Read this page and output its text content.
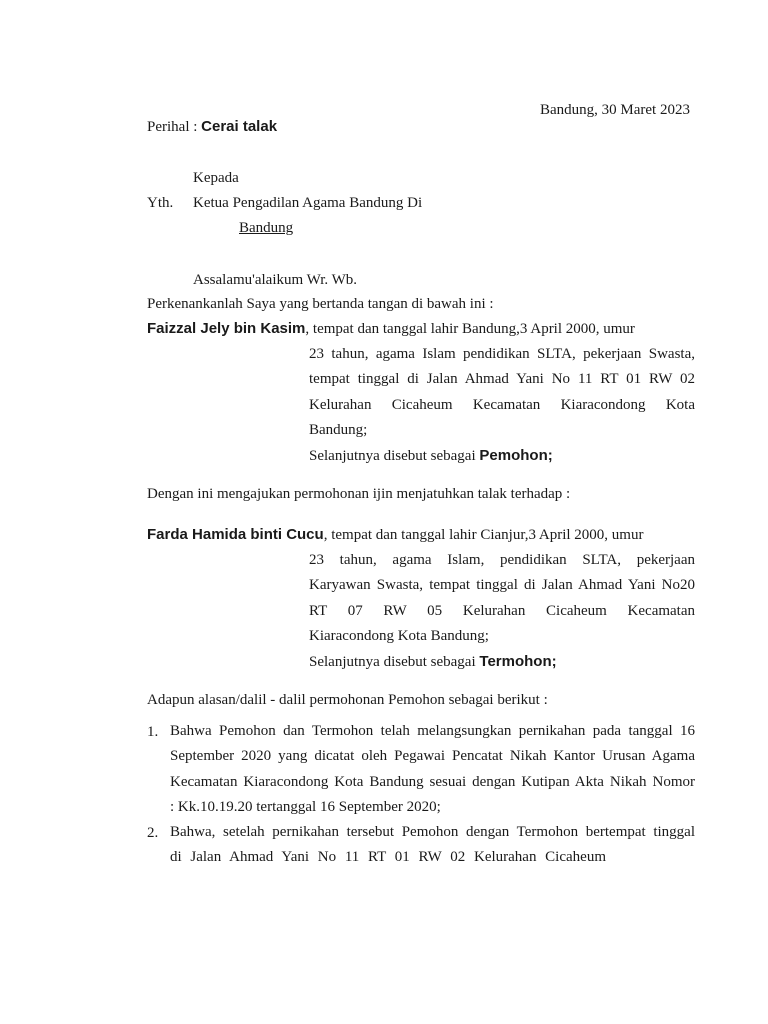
Bandung, 30 Maret 2023
Perihal : Cerai talak
Kepada
Yth. Ketua Pengadilan Agama Bandung Di
Bandung
Assalamu'alaikum Wr. Wb.
Perkenankanlah Saya yang bertanda tangan di bawah ini :
Faizzal Jely bin Kasim, tempat dan tanggal lahir Bandung,3 April 2000, umur
23 tahun, agama Islam pendidikan SLTA, pekerjaan Swasta,
tempat tinggal di Jalan Ahmad Yani No 11 RT 01 RW 02
Kelurahan Cicaheum Kecamatan Kiaracondong Kota
Bandung;
Selanjutnya disebut sebagai Pemohon;
Dengan ini mengajukan permohonan ijin menjatuhkan talak terhadap :
Farda Hamida binti Cucu, tempat dan tanggal lahir Cianjur,3 April 2000, umur
23 tahun, agama Islam, pendidikan SLTA, pekerjaan
Karyawan Swasta, tempat tinggal di Jalan Ahmad Yani No20
RT 07 RW 05 Kelurahan Cicaheum Kecamatan
Kiaracondong Kota Bandung;
Selanjutnya disebut sebagai Termohon;
Adapun alasan/dalil - dalil permohonan Pemohon sebagai berikut :
1. Bahwa Pemohon dan Termohon telah melangsungkan pernikahan pada tanggal 16
September 2020 yang dicatat oleh Pegawai Pencatat Nikah Kantor Urusan Agama
Kecamatan Kiaracondong Kota Bandung sesuai dengan Kutipan Akta Nikah Nomor
: Kk.10.19.20 tertanggal 16 September 2020;
2. Bahwa, setelah pernikahan tersebut Pemohon dengan Termohon bertempat tinggal
di Jalan Ahmad Yani No 11 RT 01 RW 02 Kelurahan Cicaheum
